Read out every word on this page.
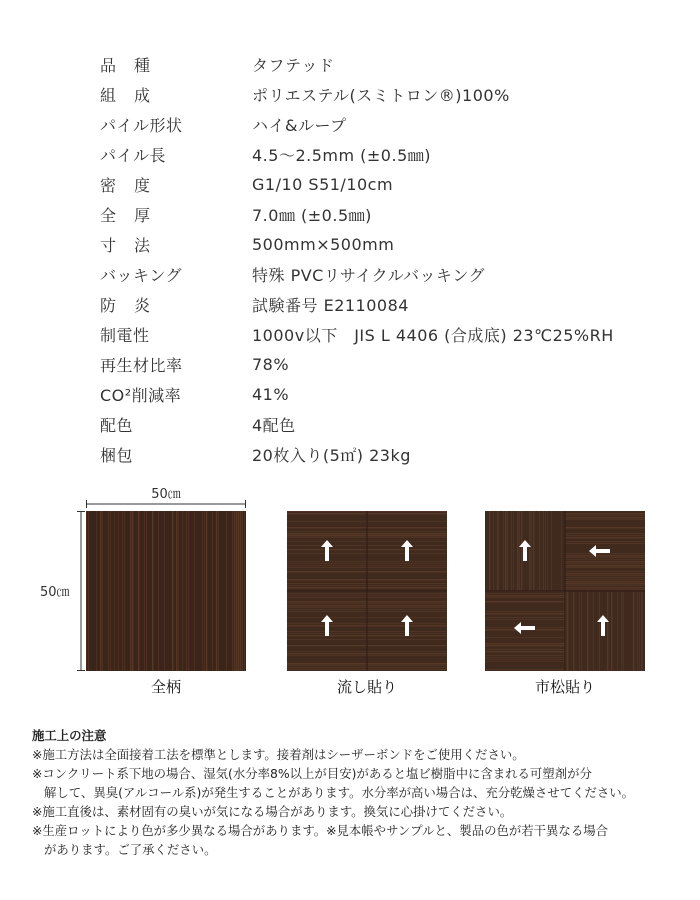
品種	タフテッド
組成	ポリエステル(スミトロン®)100%
パイル形状	ハイ&ループ
パイル長	4.5〜2.5mm (±0.5㎜)
密度	G1/10 S51/10cm
全厚	7.0㎜ (±0.5㎜)
寸法	500mm×500mm
バッキング	特殊 PVCリサイクルバッキング
防炎	試験番号 E2110084
制電性	1000v以下　JIS L 4406 (合成底) 23℃25%RH
再生材比率	78%
CO²削減率	41%
配色	4配色
梱包	20枚入り(5㎡) 23kg
50㎝
50㎝
全柄	流し貼り	市松貼り

施工上の注意

※施工方法は全面接着工法を標準とします。接着剤はシーザーボンドをご使用ください。

※コンクリート系下地の場合、湿気(水分率8%以上が目安)があると塩ビ樹脂中に含まれる可塑剤が分

解して、異臭(アルコール系)が発生することがあります。水分率が高い場合は、充分乾燥させてください。

※施工直後は、素材固有の臭いが気になる場合があります。換気に心掛けてください。

※生産ロットにより色が多少異なる場合があります。※見本帳やサンプルと、製品の色が若干異なる場合

があります。ご了承ください。
